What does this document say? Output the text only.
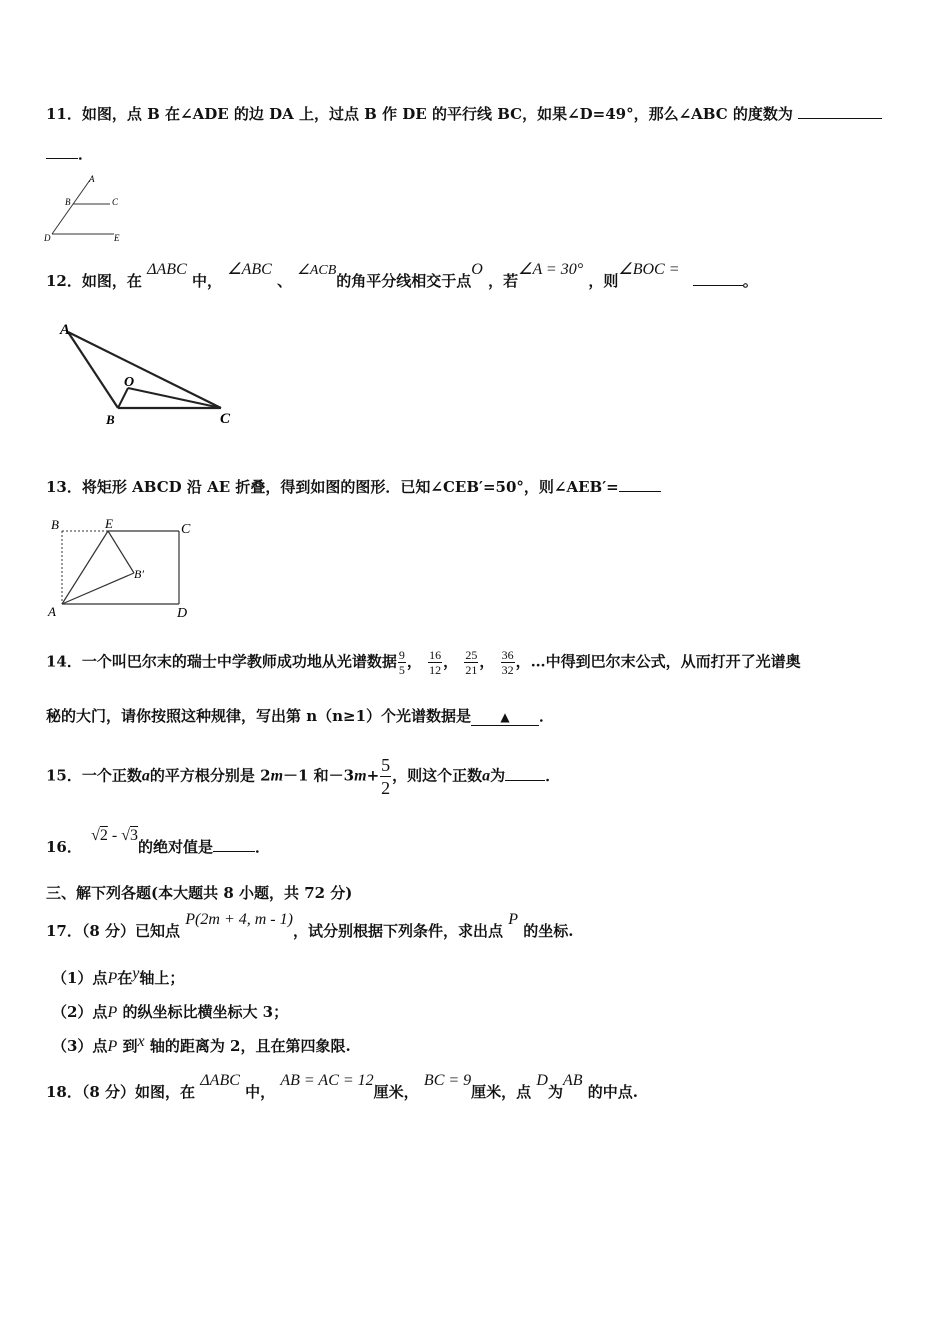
11．如图，点 B 在∠ADE 的边 DA 上，过点 B 作 DE 的平行线 BC，如果∠D=49°，那么∠ABC 的度数为
．
A
B	C
D	E
12．如图，在 ΔABC 中， ∠ABC 、 ∠ACB的角平分线相交于点O ，若∠A = 30° ，则∠BOC = 。
A
O
B	C
13．将矩形 ABCD 沿 AE 折叠，得到如图的图形．已知∠CEB′=50°，则∠AEB′=
B	E	C
B′
A	D
14．一个叫巴尔末的瑞士中学教师成功地从光谱数据 $\frac{9}{5}$ ， $\frac{16}{12}$ ， $\frac{25}{21}$ ， $\frac{36}{32}$ ，…中得到巴尔末公式，从而打开了光谱奥
秘的大门，请你按照这种规律，写出第 n（n≥1）个光谱数据是 ▲ ．
15．一个正数a的平方根分别是 2m－1 和$-3m+ \frac{5}{2}$ ，则这个正数a为	．
16． √2 - √3的绝对值是	．
三、解下列各题(本大题共 8 小题，共 72 分)
17．（8 分）已知点 P(2m + 4, m - 1)，试分别根据下列条件，求出点 P 的坐标.
（1）点P在y轴上；
（2）点P 的纵坐标比横坐标大 3；
（3）点P 到x 轴的距离为 2，且在第四象限.
18．（8 分）如图，在 ΔABC 中， AB = AC = 12厘米， BC = 9厘米，点 D为AB 的中点.
